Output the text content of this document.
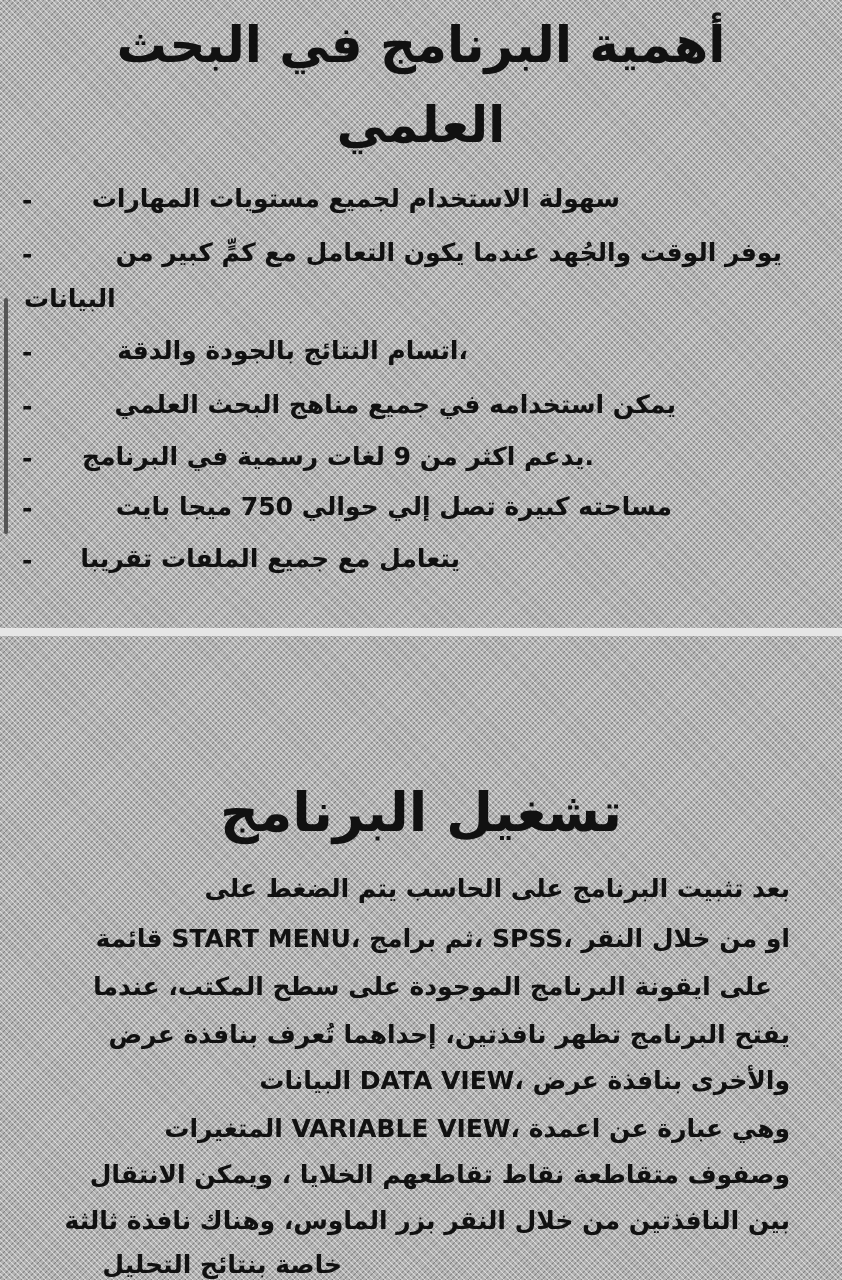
أهمية البرنامج في البحث
العلمي
سهولة الاستخدام لجميع مستويات المهارات
-
يوفر الوقت والجُهد عندما يكون التعامل مع كمٍّ كبير من
-
البيانات
،اتسام النتائج بالجودة والدقة
-
يمكن استخدامه في جميع مناهج البحث العلمي
-
.يدعم اكثر من 9 لغات رسمية في البرنامج
-
مساحته كبيرة تصل إلي حوالي 750 ميجا بايت
-
يتعامل مع جميع الملفات تقريبا
-
تشغيل البرنامج
بعد تثبيت البرنامج على الحاسب يتم الضغط على
او من خلال النقر ،SPSS ،ثم برامج ،START MENU قائمة
على ايقونة البرنامج الموجودة على سطح المكتب، عندما
يفتح البرنامج تظهر نافذتين، إحداهما تُعرف بنافذة عرض
والأخرى بنافذة عرض ،DATA VIEW البيانات
وهي عبارة عن اعمدة ،VARIABLE VIEW المتغيرات
وصفوف متقاطعة نقاط تقاطعهم الخلايا ، ويمكن الانتقال
بين النافذتين من خلال النقر بزر الماوس، وهناك نافذة ثالثة
خاصة بنتائج التحليل
